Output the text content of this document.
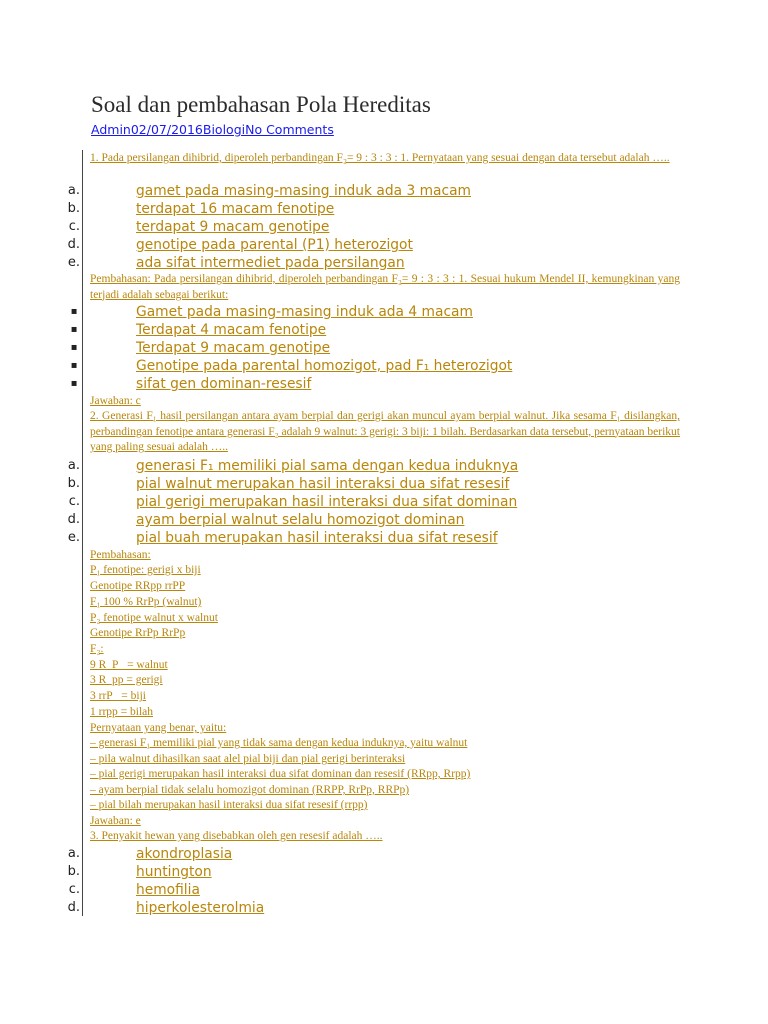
Soal dan pembahasan Pola Hereditas
Admin02/07/2016BiologiNo Comments
1. Pada persilangan dihibrid, diperoleh perbandingan F₂= 9 : 3 : 3 : 1. Pernyataan yang sesuai dengan data tersebut adalah …..
a.	gamet pada masing-masing induk ada 3 macam
b.	terdapat 16 macam fenotipe
c.	terdapat 9 macam genotipe
d.	genotipe pada parental (P1) heterozigot
e.	ada sifat intermediet pada persilangan
Pembahasan: Pada persilangan dihibrid, diperoleh perbandingan F₂= 9 : 3 : 3 : 1. Sesuai hukum Mendel II, kemungkinan yang terjadi adalah sebagai berikut:
▪	Gamet pada masing-masing induk ada 4 macam
▪	Terdapat 4 macam fenotipe
▪	Terdapat 9 macam genotipe
▪	Genotipe pada parental homozigot, pad F₁ heterozigot
▪	sifat gen dominan-resesif
Jawaban: c
2. Generasi F₁ hasil persilangan antara ayam berpial dan gerigi akan muncul ayam berpial walnut. Jika sesama F₁ disilangkan, perbandingan fenotipe antara generasi F₂ adalah 9 walnut: 3 gerigi: 3 biji: 1 bilah. Berdasarkan data tersebut, pernyataan berikut yang paling sesuai adalah …..
a.	generasi F₁ memiliki pial sama dengan kedua induknya
b.	pial walnut merupakan hasil interaksi dua sifat resesif
c.	pial gerigi merupakan hasil interaksi dua sifat dominan
d.	ayam berpial walnut selalu homozigot dominan
e.	pial buah merupakan hasil interaksi dua sifat resesif
Pembahasan:
P₁ fenotipe: gerigi x biji
Genotipe RRpp rrPP
F₁ 100 % RrPp (walnut)
P₂ fenotipe walnut x walnut
Genotipe RrPp RrPp
F₂:
9 R_P_ = walnut
3 R_pp = gerigi
3 rrP_ = biji
1 rrpp = bilah
Pernyataan yang benar, yaitu:
– generasi F₁ memiliki pial yang tidak sama dengan kedua induknya, yaitu walnut
– pila walnut dihasilkan saat alel pial biji dan pial gerigi berinteraksi
– pial gerigi merupakan hasil interaksi dua sifat dominan dan resesif (RRpp, Rrpp)
– ayam berpial tidak selalu homozigot dominan (RRPP, RrPp, RRPp)
– pial bilah merupakan hasil interaksi dua sifat resesif (rrpp)
Jawaban: e
3. Penyakit hewan yang disebabkan oleh gen resesif adalah …..
a.	akondroplasia
b.	huntington
c.	hemofilia
d.	hiperkolesterolmia
